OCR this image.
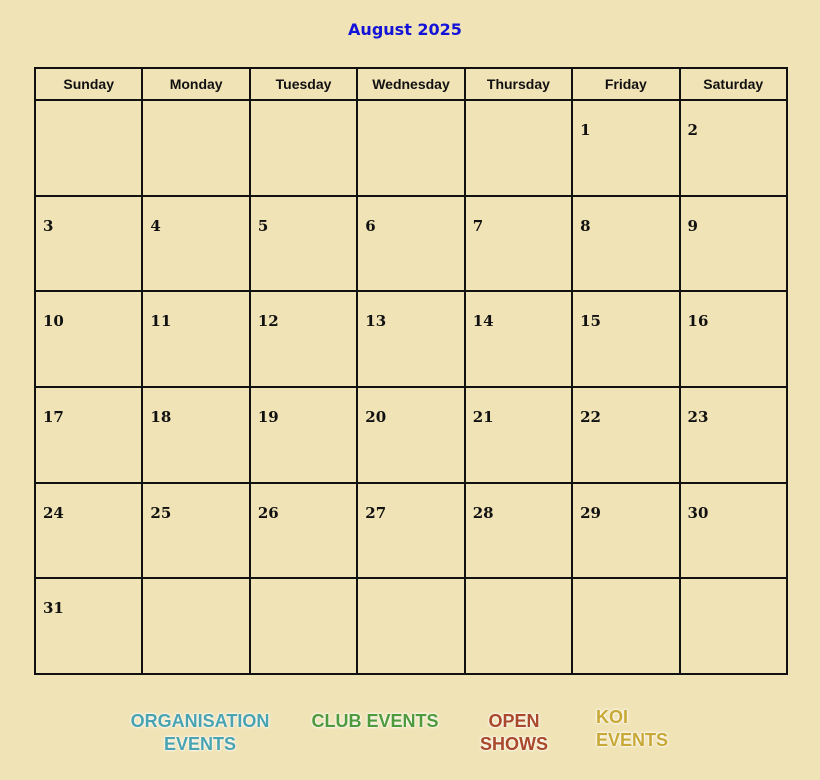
August 2025
Sunday	Monday	Tuesday	Wednesday	Thursday	Friday	Saturday
					1	2
3	4	5	6	7	8	9
10	11	12	13	14	15	16
17	18	19	20	21	22	23
24	25	26	27	28	29	30
31						
ORGANISATION EVENTS
CLUB EVENTS	OPEN SHOWS
KOI EVENTS
